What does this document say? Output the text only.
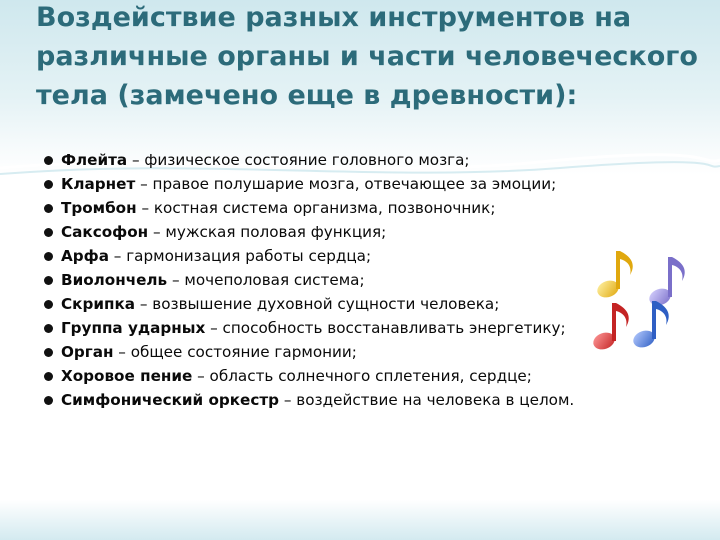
Воздействие разных инструментов на различные органы и части человеческого тела (замечено еще в древности):
Флейта – физическое состояние головного мозга;
Кларнет – правое полушарие мозга, отвечающее за эмоции;
Тромбон – костная система организма, позвоночник;
Саксофон – мужская половая функция;
Арфа – гармонизация работы сердца;
Виолончель – мочеполовая система;
Скрипка – возвышение духовной сущности человека;
Группа ударных – способность восстанавливать энергетику;
Орган – общее состояние гармонии;
Хоровое пение – область солнечного сплетения, сердце;
Симфонический оркестр – воздействие на человека в целом.
